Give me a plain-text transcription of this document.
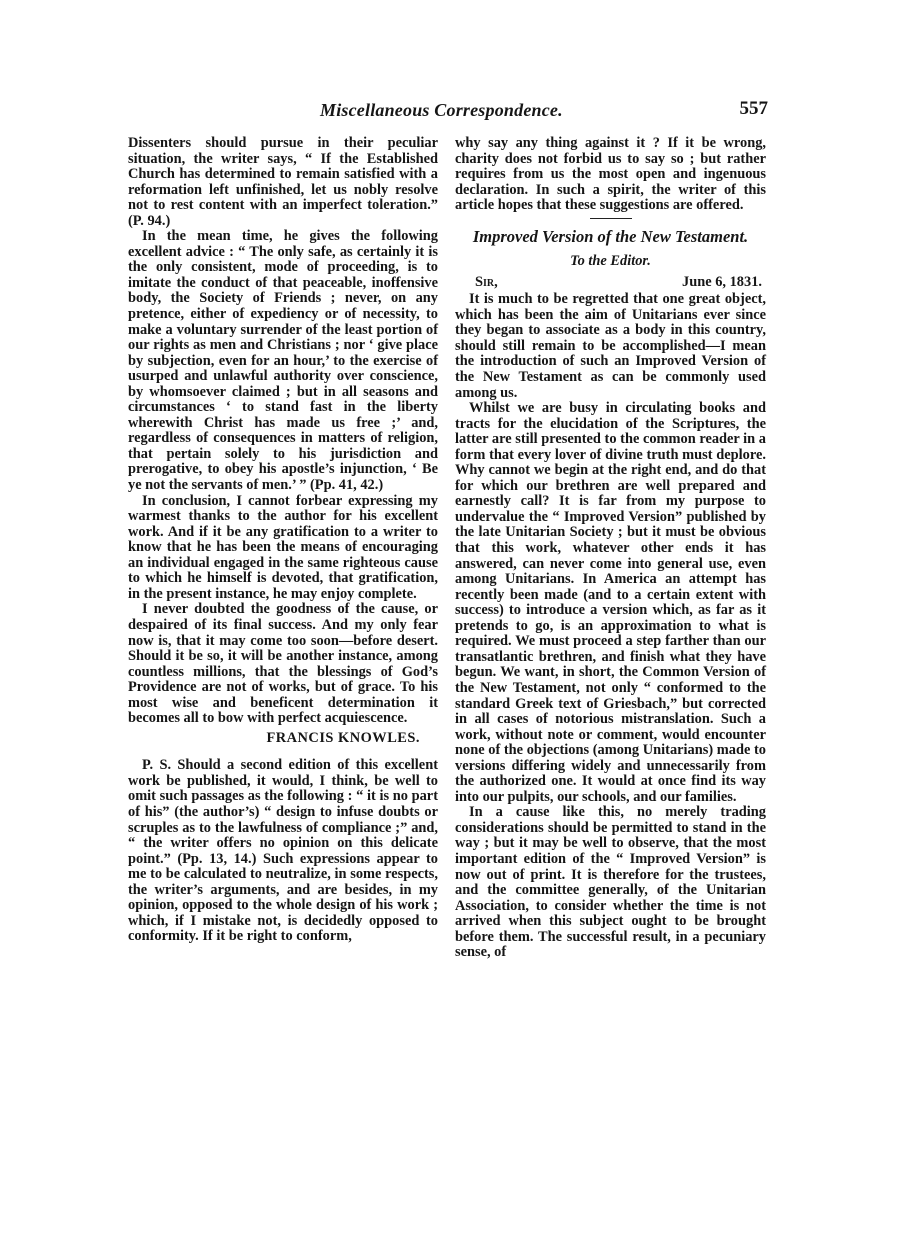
Miscellaneous Correspondence.	557

Dissenters should pursue in their peculiar situation, the writer says, “ If the Established Church has determined to remain satisfied with a reformation left unfinished, let us nobly resolve not to rest content with an imperfect toleration.” (P. 94.)

In the mean time, he gives the following excellent advice : “ The only safe, as certainly it is the only consistent, mode of proceeding, is to imitate the conduct of that peaceable, inoffensive body, the Society of Friends ; never, on any pretence, either of expediency or of necessity, to make a voluntary surrender of the least portion of our rights as men and Christians ; nor ‘ give place by subjection, even for an hour,’ to the exercise of usurped and unlawful authority over conscience, by whomsoever claimed ; but in all seasons and circumstances ‘ to stand fast in the liberty wherewith Christ has made us free ;’ and, regardless of consequences in matters of religion, that pertain solely to his jurisdiction and prerogative, to obey his apostle’s injunction, ‘ Be ye not the servants of men.’ ” (Pp. 41, 42.)

In conclusion, I cannot forbear expressing my warmest thanks to the author for his excellent work. And if it be any gratification to a writer to know that he has been the means of encouraging an individual engaged in the same righteous cause to which he himself is devoted, that gratification, in the present instance, he may enjoy complete.

I never doubted the goodness of the cause, or despaired of its final success. And my only fear now is, that it may come too soon—before desert. Should it be so, it will be another instance, among countless millions, that the blessings of God’s Providence are not of works, but of grace. To his most wise and beneficent determination it becomes all to bow with perfect acquiescence.

FRANCIS KNOWLES.

P. S. Should a second edition of this excellent work be published, it would, I think, be well to omit such passages as the following : “ it is no part of his” (the author’s) “ design to infuse doubts or scruples as to the lawfulness of compliance ;” and, “ the writer offers no opinion on this delicate point.” (Pp. 13, 14.) Such expressions appear to me to be calculated to neutralize, in some respects, the writer’s arguments, and are besides, in my opinion, opposed to the whole design of his work ; which, if I mistake not, is decidedly opposed to conformity. If it be right to conform,

why say any thing against it ? If it be wrong, charity does not forbid us to say so ; but rather requires from us the most open and ingenuous declaration. In such a spirit, the writer of this article hopes that these suggestions are offered.

Improved Version of the New Testament.
To the Editor.
Sir,	June 6, 1831.

It is much to be regretted that one great object, which has been the aim of Unitarians ever since they began to associate as a body in this country, should still remain to be accomplished—I mean the introduction of such an Improved Version of the New Testament as can be commonly used among us.

Whilst we are busy in circulating books and tracts for the elucidation of the Scriptures, the latter are still presented to the common reader in a form that every lover of divine truth must deplore. Why cannot we begin at the right end, and do that for which our brethren are well prepared and earnestly call? It is far from my purpose to undervalue the “ Improved Version” published by the late Unitarian Society ; but it must be obvious that this work, whatever other ends it has answered, can never come into general use, even among Unitarians. In America an attempt has recently been made (and to a certain extent with success) to introduce a version which, as far as it pretends to go, is an approximation to what is required. We must proceed a step farther than our transatlantic brethren, and finish what they have begun. We want, in short, the Common Version of the New Testament, not only “ conformed to the standard Greek text of Griesbach,” but corrected in all cases of notorious mistranslation. Such a work, without note or comment, would encounter none of the objections (among Unitarians) made to versions differing widely and unnecessarily from the authorized one. It would at once find its way into our pulpits, our schools, and our families.

In a cause like this, no merely trading considerations should be permitted to stand in the way ; but it may be well to observe, that the most important edition of the “ Improved Version” is now out of print. It is therefore for the trustees, and the committee generally, of the Unitarian Association, to consider whether the time is not arrived when this subject ought to be brought before them. The successful result, in a pecuniary sense, of
